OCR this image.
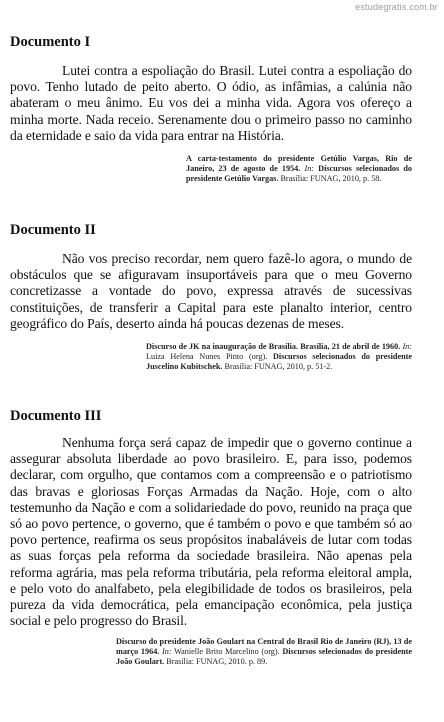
estudegratis.com.br
Documento I

Lutei contra a espoliação do Brasil. Lutei contra a espoliação do povo. Tenho lutado de peito aberto. O ódio, as infâmias, a calúnia não abateram o meu ânimo. Eu vos dei a minha vida. Agora vos ofereço a minha morte. Nada receio. Serenamente dou o primeiro passo no caminho da eternidade e saio da vida para entrar na História.

A carta-testamento do presidente Getúlio Vargas, Rio de Janeiro, 23 de agosto de 1954. In: Discursos selecionados do presidente Getúlio Vargas. Brasília: FUNAG, 2010, p. 58.

Documento II

Não vos preciso recordar, nem quero fazê-lo agora, o mundo de obstáculos que se afiguravam insuportáveis para que o meu Governo concretizasse a vontade do povo, expressa através de sucessivas constituições, de transferir a Capital para este planalto interior, centro geográfico do País, deserto ainda há poucas dezenas de meses.

Discurso de JK na inauguração de Brasília. Brasília, 21 de abril de 1960. In: Luiza Helena Nunes Pinto (org). Discursos selecionados do presidente Juscelino Kubitschek. Brasília: FUNAG, 2010, p. 51-2.

Documento III

Nenhuma força será capaz de impedir que o governo continue a assegurar absoluta liberdade ao povo brasileiro. E, para isso, podemos declarar, com orgulho, que contamos com a compreensão e o patriotismo das bravas e gloriosas Forças Armadas da Nação. Hoje, com o alto testemunho da Nação e com a solidariedade do povo, reunido na praça que só ao povo pertence, o governo, que é também o povo e que também só ao povo pertence, reafirma os seus propósitos inabaláveis de lutar com todas as suas forças pela reforma da sociedade brasileira. Não apenas pela reforma agrária, mas pela reforma tributária, pela reforma eleitoral ampla, e pelo voto do analfabeto, pela elegibilidade de todos os brasileiros, pela pureza da vida democrática, pela emancipação econômica, pela justiça social e pelo progresso do Brasil.

Discurso do presidente João Goulart na Central do Brasil Rio de Janeiro (RJ), 13 de março 1964. In: Wanielle Brito Marcelino (org). Discursos selecionados do presidente João Goulart. Brasília: FUNAG, 2010. p. 89.
